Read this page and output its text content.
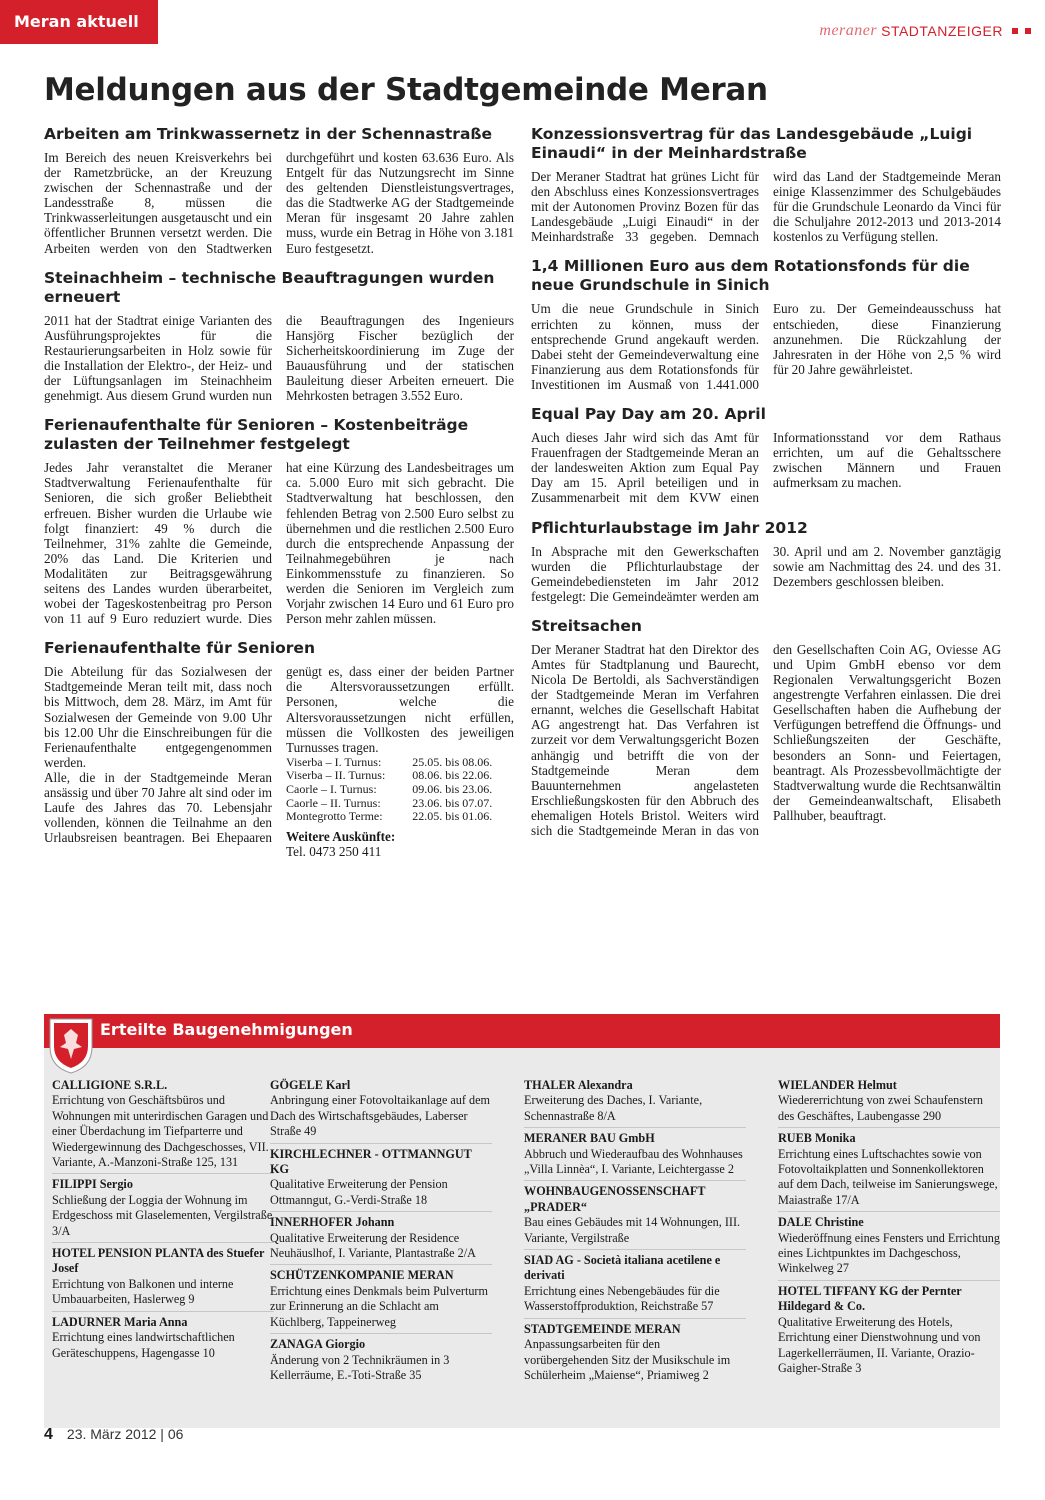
Meran aktuell	meraner STADTANZEIGER
Meldungen aus der Stadtgemeinde Meran
Arbeiten am Trinkwassernetz in der Schennastraße
Im Bereich des neuen Kreisverkehrs bei der Rametzbrücke, an der Kreuzung zwischen der Schennastraße und der Landesstraße 8, müssen die Trinkwasserleitungen ausgetauscht und ein öffentlicher Brunnen versetzt werden. Die Arbeiten werden von den Stadtwerken durchgeführt und kosten 63.636 Euro. Als Entgelt für das Nutzungsrecht im Sinne des geltenden Dienstleistungsvertrages, das die Stadtwerke AG der Stadtgemeinde Meran für insgesamt 20 Jahre zahlen muss, wurde ein Betrag in Höhe von 3.181 Euro festgesetzt.
Steinachheim – technische Beauftragungen wurden erneuert
2011 hat der Stadtrat einige Varianten des Ausführungsprojektes für die Restaurierungsarbeiten in Holz sowie für die Installation der Elektro-, der Heiz- und der Lüftungsanlagen im Steinachheim genehmigt. Aus diesem Grund wurden nun die Beauftragungen des Ingenieurs Hansjörg Fischer bezüglich der Sicherheitskoordinierung im Zuge der Bauausführung und der statischen Bauleitung dieser Arbeiten erneuert. Die Mehrkosten betragen 3.552 Euro.
Ferienaufenthalte für Senioren – Kostenbeiträge zulasten der Teilnehmer festgelegt
Jedes Jahr veranstaltet die Meraner Stadtverwaltung Ferienaufenthalte für Senioren, die sich großer Beliebtheit erfreuen. Bisher wurden die Urlaube wie folgt finanziert: 49 % durch die Teilnehmer, 31% zahlte die Gemeinde, 20% das Land. Die Kriterien und Modalitäten zur Beitragsgewährung seitens des Landes wurden überarbeitet, wobei der Tageskostenbeitrag pro Person von 11 auf 9 Euro reduziert wurde. Dies hat eine Kürzung des Landesbeitrages um ca. 5.000 Euro mit sich gebracht. Die Stadtverwaltung hat beschlossen, den fehlenden Betrag von 2.500 Euro selbst zu übernehmen und die restlichen 2.500 Euro durch die entsprechende Anpassung der Teilnahmegebühren je nach Einkommensstufe zu finanzieren. So werden die Senioren im Vergleich zum Vorjahr zwischen 14 Euro und 61 Euro pro Person mehr zahlen müssen.
Ferienaufenthalte für Senioren

Die Abteilung für das Sozialwesen der Stadtgemeinde Meran teilt mit, dass noch bis Mittwoch, dem 28. März, im Amt für Sozialwesen der Gemeinde von 9.00 Uhr bis 12.00 Uhr die Einschreibungen für die Ferienaufenthalte entgegengenommen werden.

Alle, die in der Stadtgemeinde Meran ansässig und über 70 Jahre alt sind oder im Laufe des Jahres das 70. Lebensjahr vollenden, können die Teilnahme an den Urlaubsreisen beantragen. Bei Ehepaaren genügt es, dass einer der beiden Partner die Altersvoraussetzungen erfüllt. Personen, welche die Altersvoraussetzungen nicht erfüllen, müssen die Vollkosten des jeweiligen Turnusses tragen.

Viserba – I. Turnus:	25.05. bis 08.06.
Viserba – II. Turnus:	08.06. bis 22.06.
Caorle – I. Turnus:	09.06. bis 23.06.
Caorle – II. Turnus:	23.06. bis 07.07.
Montegrotto Terme:	22.05. bis 01.06.

Weitere Auskünfte:

Tel. 0473 250 411

Konzessionsvertrag für das Landesgebäude „Luigi Einaudi“ in der Meinhardstraße
Der Meraner Stadtrat hat grünes Licht für den Abschluss eines Konzessionsvertrages mit der Autonomen Provinz Bozen für das Landesgebäude „Luigi Einaudi“ in der Meinhardstraße 33 gegeben. Demnach wird das Land der Stadtgemeinde Meran einige Klassenzimmer des Schulgebäudes für die Grundschule Leonardo da Vinci für die Schuljahre 2012-2013 und 2013-2014 kostenlos zu Verfügung stellen.
1,4 Millionen Euro aus dem Rotationsfonds für die neue Grundschule in Sinich
Um die neue Grundschule in Sinich errichten zu können, muss der entsprechende Grund angekauft werden. Dabei steht der Gemeindeverwaltung eine Finanzierung aus dem Rotationsfonds für Investitionen im Ausmaß von 1.441.000 Euro zu. Der Gemeindeausschuss hat entschieden, diese Finanzierung anzunehmen. Die Rückzahlung der Jahresraten in der Höhe von 2,5 % wird für 20 Jahre gewährleistet.
Equal Pay Day am 20. April
Auch dieses Jahr wird sich das Amt für Frauenfragen der Stadtgemeinde Meran an der landesweiten Aktion zum Equal Pay Day am 15. April beteiligen und in Zusammenarbeit mit dem KVW einen Informationsstand vor dem Rathaus errichten, um auf die Gehaltsschere zwischen Männern und Frauen aufmerksam zu machen.
Pflichturlaubstage im Jahr 2012
In Absprache mit den Gewerkschaften wurden die Pflichturlaubstage der Gemeindebediensteten im Jahr 2012 festgelegt: Die Gemeindeämter werden am 30. April und am 2. November ganztägig sowie am Nachmittag des 24. und des 31. Dezembers geschlossen bleiben.
Streitsachen
Der Meraner Stadtrat hat den Direktor des Amtes für Stadtplanung und Baurecht, Nicola De Bertoldi, als Sachverständigen der Stadtgemeinde Meran im Verfahren ernannt, welches die Gesellschaft Habitat AG angestrengt hat. Das Verfahren ist zurzeit vor dem Verwaltungsgericht Bozen anhängig und betrifft die von der Stadtgemeinde Meran dem Bauunternehmen angelasteten Erschließungskosten für den Abbruch des ehemaligen Hotels Bristol. Weiters wird sich die Stadtgemeinde Meran in das von den Gesellschaften Coin AG, Oviesse AG und Upim GmbH ebenso vor dem Regionalen Verwaltungsgericht Bozen angestrengte Verfahren einlassen. Die drei Gesellschaften haben die Aufhebung der Verfügungen betreffend die Öffnungs- und Schließungszeiten der Geschäfte, besonders an Sonn- und Feiertagen, beantragt. Als Prozessbevollmächtigte der Stadtverwaltung wurde die Rechtsanwältin der Gemeindeanwaltschaft, Elisabeth Pallhuber, beauftragt.
Erteilte Baugenehmigungen
CALLIGIONE S.R.L.
Errichtung von Geschäftsbüros und Wohnungen mit unterirdischen Garagen und einer Überdachung im Tiefparterre und Wiedergewinnung des Dachgeschosses, VII. Variante, A.-Manzoni-Straße 125, 131
FILIPPI Sergio
Schließung der Loggia der Wohnung im Erdgeschoss mit Glaselementen, Vergilstraße 3/A
HOTEL PENSION PLANTA des Stuefer Josef
Errichtung von Balkonen und interne Umbauarbeiten, Haslerweg 9
LADURNER Maria Anna
Errichtung eines landwirtschaftlichen Geräteschuppens, Hagengasse 10
GÖGELE Karl
Anbringung einer Fotovoltaikanlage auf dem Dach des Wirtschaftsgebäudes, Laberser Straße 49
KIRCHLECHNER - OTTMANNGUT KG
Qualitative Erweiterung der Pension Ottmanngut, G.-Verdi-Straße 18
INNERHOFER Johann
Qualitative Erweiterung der Residence Neuhäuslhof, I. Variante, Plantastraße 2/A
SCHÜTZENKOMPANIE MERAN
Errichtung eines Denkmals beim Pulverturm zur Erinnerung an die Schlacht am Küchlberg, Tappeinerweg
ZANAGA Giorgio
Änderung von 2 Technikräumen in 3 Kellerräume, E.-Toti-Straße 35
THALER Alexandra
Erweiterung des Daches, I. Variante, Schennastraße 8/A
MERANER BAU GmbH
Abbruch und Wiederaufbau des Wohnhauses „Villa Linnèa“, I. Variante, Leichtergasse 2
WOHNBAUGENOSSENSCHAFT „PRADER“
Bau eines Gebäudes mit 14 Wohnungen, III. Variante, Vergilstraße
SIAD AG - Società italiana acetilene e derivati
Errichtung eines Nebengebäudes für die Wasserstoffproduktion, Reichstraße 57
STADTGEMEINDE MERAN
Anpassungsarbeiten für den vorübergehenden Sitz der Musikschule im Schülerheim „Maiense“, Priamiweg 2
WIELANDER Helmut
Wiedererrichtung von zwei Schaufenstern des Geschäftes, Laubengasse 290
RUEB Monika
Errichtung eines Luftschachtes sowie von Fotovoltaikplatten und Sonnenkollektoren auf dem Dach, teilweise im Sanierungswege, Maiastraße 17/A
DALE Christine
Wiederöffnung eines Fensters und Errichtung eines Lichtpunktes im Dachgeschoss, Winkelweg 27
HOTEL TIFFANY KG der Pernter Hildegard & Co.
Qualitative Erweiterung des Hotels, Errichtung einer Dienstwohnung und von Lagerkellerräumen, II. Variante, Orazio-Gaigher-Straße 3
4 23. März 2012 | 06
